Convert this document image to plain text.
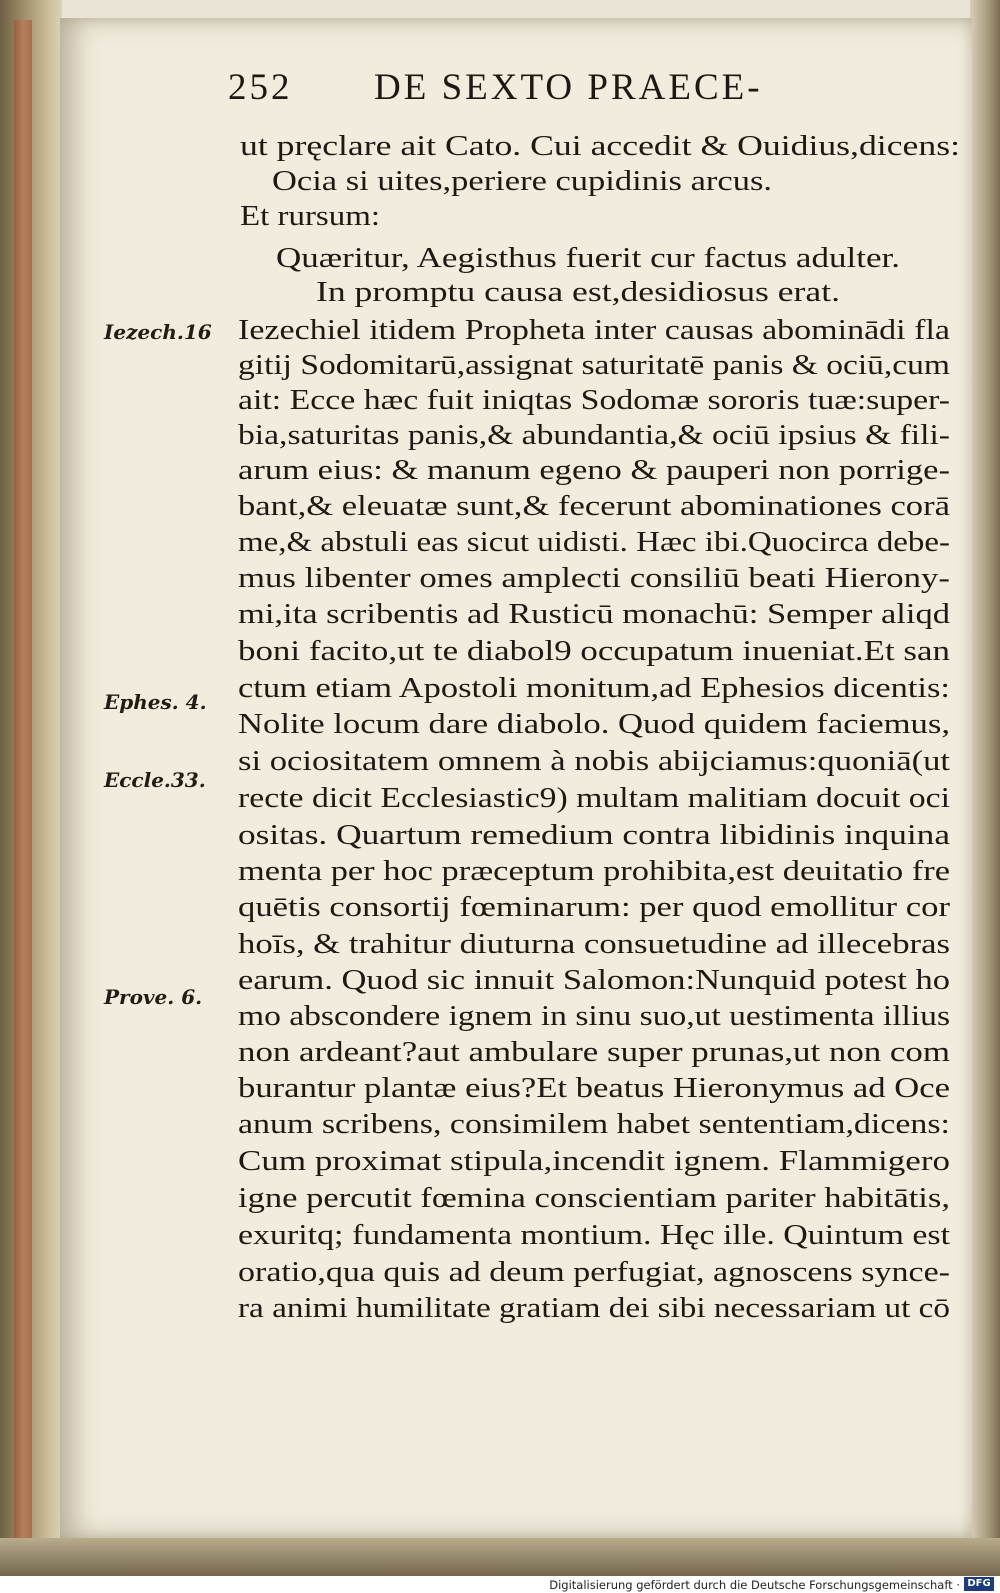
252 DE SEXTO PRAECE-
Iezech.16
Ephes. 4.
Eccle.33.
Prove. 6.
ut pręclare ait Cato. Cui accedit & Ouidius,dicens:
Ocia si uites,periere cupidinis arcus.
Et rursum:
Quæritur, Aegisthus fuerit cur factus adulter.
In promptu causa est,desidiosus erat.
Iezechiel itidem Propheta inter causas abominādi fla
gitij Sodomitarū,assignat saturitatē panis & ociū,cum
ait: Ecce hæc fuit iniqtas Sodomæ sororis tuæ:super-
bia,saturitas panis,& abundantia,& ociū ipsius & fili-
arum eius: & manum egeno & pauperi non porrige-
bant,& eleuatæ sunt,& fecerunt abominationes corā
me,& abstuli eas sicut uidisti. Hæc ibi.Quocirca debe-
mus libenter omes amplecti consiliū beati Hierony-
mi,ita scribentis ad Rusticū monachū: Semper aliqd
boni facito,ut te diabol9 occupatum inueniat.Et san
ctum etiam Apostoli monitum,ad Ephesios dicentis:
Nolite locum dare diabolo. Quod quidem faciemus,
si ociositatem omnem à nobis abijciamus:quoniā(ut
recte dicit Ecclesiastic9) multam malitiam docuit oci
ositas. Quartum remedium contra libidinis inquina
menta per hoc præceptum prohibita,est deuitatio fre
quētis consortij fœminarum: per quod emollitur cor
hoīs, & trahitur diuturna consuetudine ad illecebras
earum. Quod sic innuit Salomon:Nunquid potest ho
mo abscondere ignem in sinu suo,ut uestimenta illius
non ardeant?aut ambulare super prunas,ut non com
burantur plantæ eius?Et beatus Hieronymus ad Oce
anum scribens, consimilem habet sententiam,dicens:
Cum proximat stipula,incendit ignem. Flammigero
igne percutit fœmina conscientiam pariter habitātis,
exuritq; fundamenta montium. Hęc ille. Quintum est
oratio,qua quis ad deum perfugiat, agnoscens synce-
ra animi humilitate gratiam dei sibi necessariam ut cō
Digitalisierung gefördert durch die Deutsche Forschungsgemeinschaft · DFG
